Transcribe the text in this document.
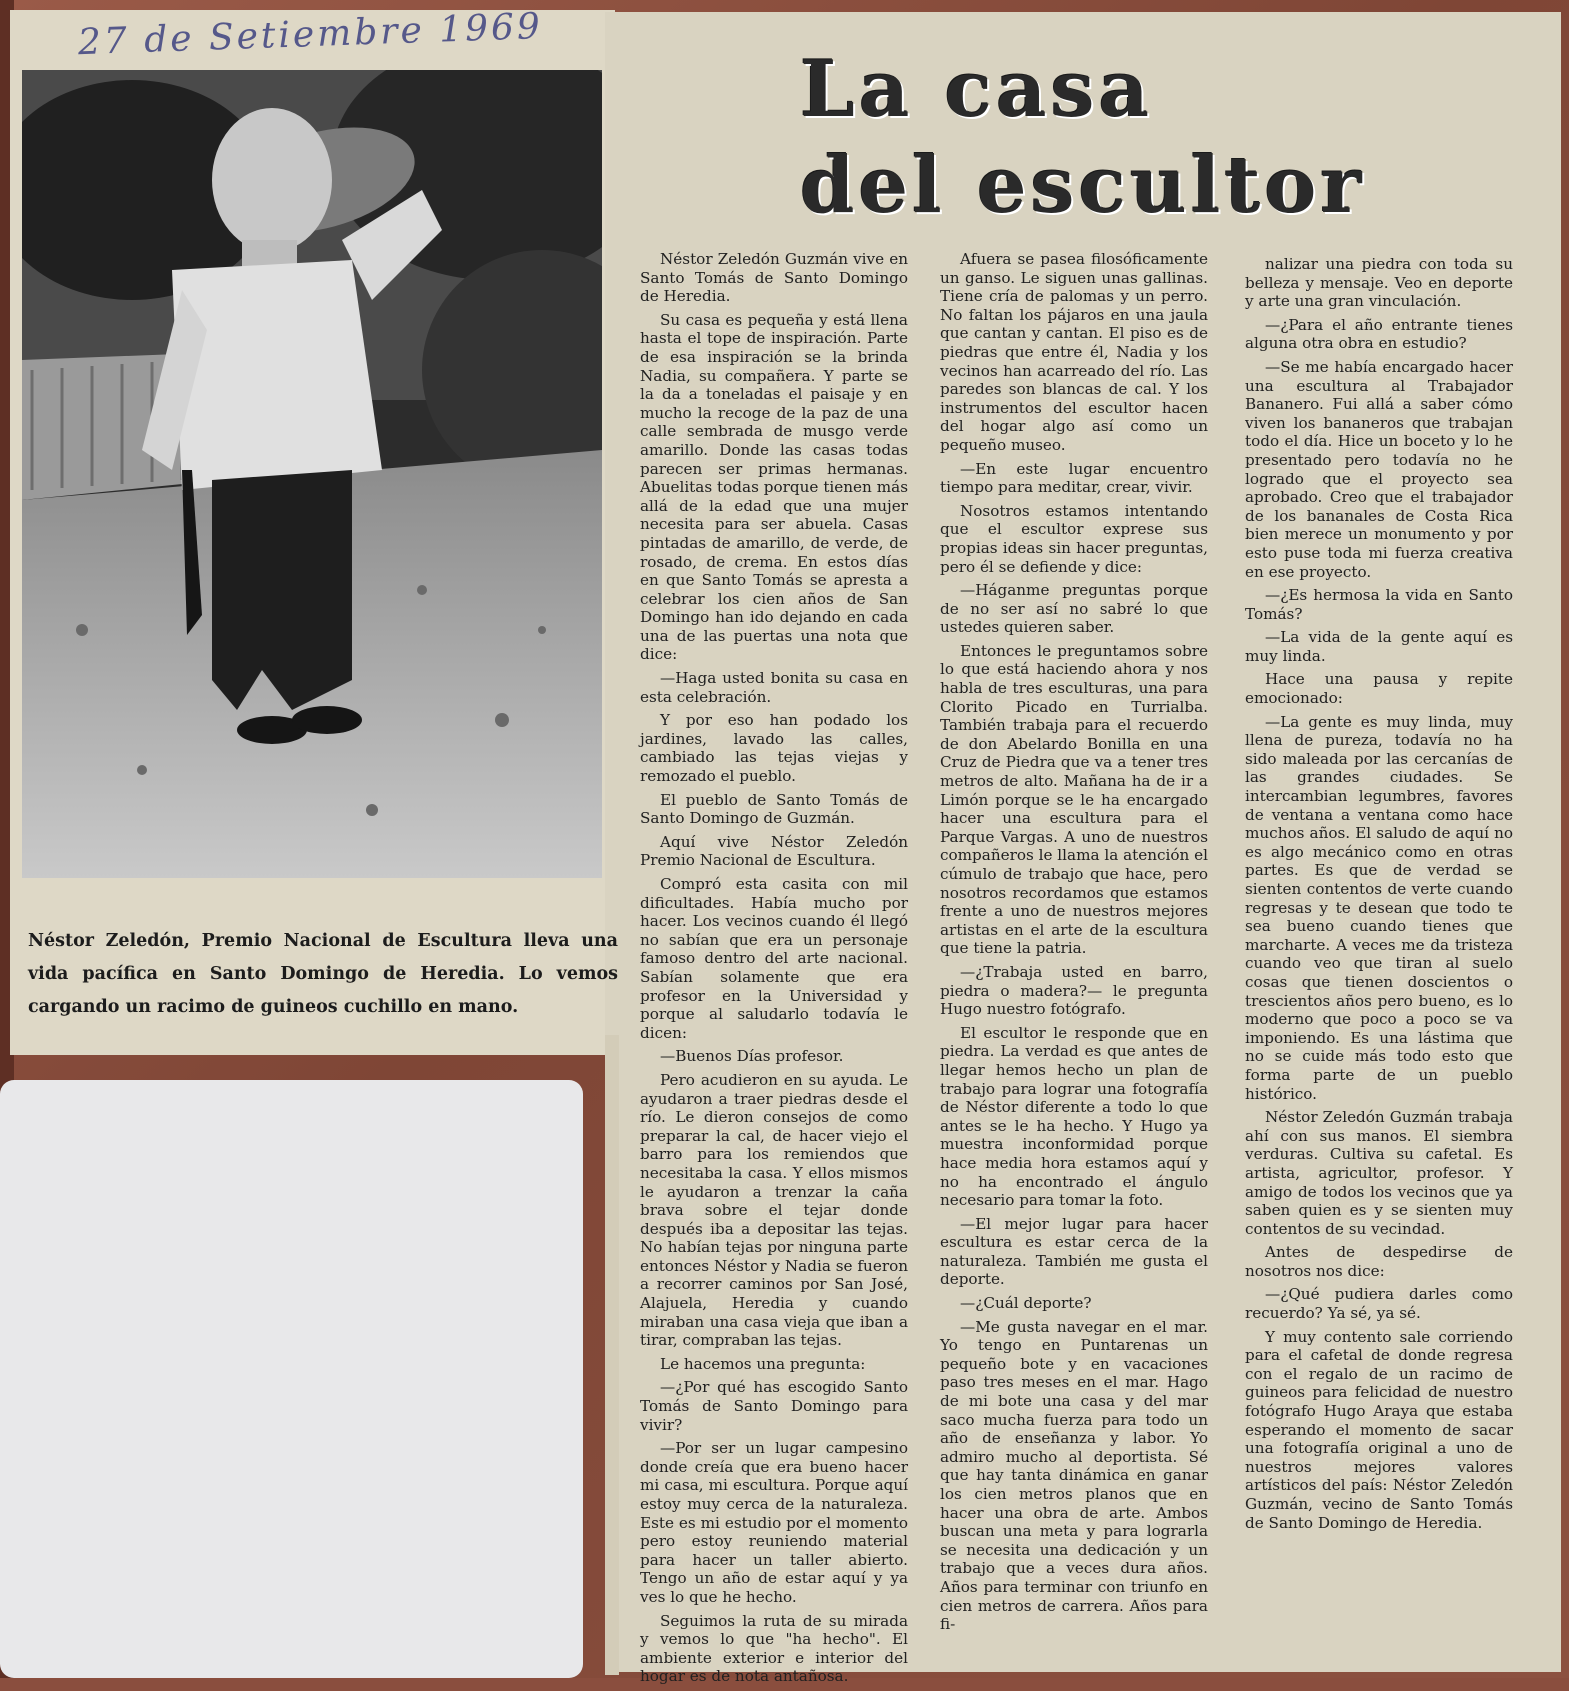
27 de Setiembre 1969
Néstor Zeledón, Premio Nacional de Escultura lleva una vida pacífica en Santo Domingo de Heredia. Lo vemos cargando un racimo de guineos cuchillo en mano.
La casa
del escultor

Néstor Zeledón Guzmán vive en Santo Tomás de Santo Domingo de Heredia.

Su casa es pequeña y está llena hasta el tope de inspiración. Parte de esa inspiración se la brinda Nadia, su compañera. Y parte se la da a toneladas el paisaje y en mucho la recoge de la paz de una calle sembrada de musgo verde amarillo. Donde las casas todas parecen ser primas hermanas. Abuelitas todas porque tienen más allá de la edad que una mujer necesita para ser abuela. Casas pintadas de amarillo, de verde, de rosado, de crema. En estos días en que Santo Tomás se apresta a celebrar los cien años de San Domingo han ido dejando en cada una de las puertas una nota que dice:

—Haga usted bonita su casa en esta celebración.

Y por eso han podado los jardines, lavado las calles, cambiado las tejas viejas y remozado el pueblo.

El pueblo de Santo Tomás de Santo Domingo de Guzmán.

Aquí vive Néstor Zeledón Premio Nacional de Escultura.

Compró esta casita con mil dificultades. Había mucho por hacer. Los vecinos cuando él llegó no sabían que era un personaje famoso dentro del arte nacional. Sabían solamente que era profesor en la Universidad y porque al saludarlo todavía le dicen:

—Buenos Días profesor.

Pero acudieron en su ayuda. Le ayudaron a traer piedras desde el río. Le dieron consejos de como preparar la cal, de hacer viejo el barro para los remiendos que necesitaba la casa. Y ellos mismos le ayudaron a trenzar la caña brava sobre el tejar donde después iba a depositar las tejas. No habían tejas por ninguna parte entonces Néstor y Nadia se fueron a recorrer caminos por San José, Alajuela, Heredia y cuando miraban una casa vieja que iban a tirar, compraban las tejas.

Le hacemos una pregunta:

—¿Por qué has escogido Santo Tomás de Santo Domingo para vivir?

—Por ser un lugar campesino donde creía que era bueno hacer mi casa, mi escultura. Porque aquí estoy muy cerca de la naturaleza. Este es mi estudio por el momento pero estoy reuniendo material para hacer un taller abierto. Tengo un año de estar aquí y ya ves lo que he hecho.

Seguimos la ruta de su mirada y vemos lo que "ha hecho". El ambiente exterior e interior del hogar es de nota antañosa.

Afuera se pasea filosóficamente un ganso. Le siguen unas gallinas. Tiene cría de palomas y un perro. No faltan los pájaros en una jaula que cantan y cantan. El piso es de piedras que entre él, Nadia y los vecinos han acarreado del río. Las paredes son blancas de cal. Y los instrumentos del escultor hacen del hogar algo así como un pequeño museo.

—En este lugar encuentro tiempo para meditar, crear, vivir.

Nosotros estamos intentando que el escultor exprese sus propias ideas sin hacer preguntas, pero él se defiende y dice:

—Háganme preguntas porque de no ser así no sabré lo que ustedes quieren saber.

Entonces le preguntamos sobre lo que está haciendo ahora y nos habla de tres esculturas, una para Clorito Picado en Turrialba. También trabaja para el recuerdo de don Abelardo Bonilla en una Cruz de Piedra que va a tener tres metros de alto. Mañana ha de ir a Limón porque se le ha encargado hacer una escultura para el Parque Vargas. A uno de nuestros compañeros le llama la atención el cúmulo de trabajo que hace, pero nosotros recordamos que estamos frente a uno de nuestros mejores artistas en el arte de la escultura que tiene la patria.

—¿Trabaja usted en barro, piedra o madera?— le pregunta Hugo nuestro fotógrafo.

El escultor le responde que en piedra. La verdad es que antes de llegar hemos hecho un plan de trabajo para lograr una fotografía de Néstor diferente a todo lo que antes se le ha hecho. Y Hugo ya muestra inconformidad porque hace media hora estamos aquí y no ha encontrado el ángulo necesario para tomar la foto.

—El mejor lugar para hacer escultura es estar cerca de la naturaleza. También me gusta el deporte.

—¿Cuál deporte?

—Me gusta navegar en el mar. Yo tengo en Puntarenas un pequeño bote y en vacaciones paso tres meses en el mar. Hago de mi bote una casa y del mar saco mucha fuerza para todo un año de enseñanza y labor. Yo admiro mucho al deportista. Sé que hay tanta dinámica en ganar los cien metros planos que en hacer una obra de arte. Ambos buscan una meta y para lograrla se necesita una dedicación y un trabajo que a veces dura años. Años para terminar con triunfo en cien metros de carrera. Años para fi-

nalizar una piedra con toda su belleza y mensaje. Veo en deporte y arte una gran vinculación.

—¿Para el año entrante tienes alguna otra obra en estudio?

—Se me había encargado hacer una escultura al Trabajador Bananero. Fui allá a saber cómo viven los bananeros que trabajan todo el día. Hice un boceto y lo he presentado pero todavía no he logrado que el proyecto sea aprobado. Creo que el trabajador de los bananales de Costa Rica bien merece un monumento y por esto puse toda mi fuerza creativa en ese proyecto.

—¿Es hermosa la vida en Santo Tomás?

—La vida de la gente aquí es muy linda.

Hace una pausa y repite emocionado:

—La gente es muy linda, muy llena de pureza, todavía no ha sido maleada por las cercanías de las grandes ciudades. Se intercambian legumbres, favores de ventana a ventana como hace muchos años. El saludo de aquí no es algo mecánico como en otras partes. Es que de verdad se sienten contentos de verte cuando regresas y te desean que todo te sea bueno cuando tienes que marcharte. A veces me da tristeza cuando veo que tiran al suelo cosas que tienen doscientos o trescientos años pero bueno, es lo moderno que poco a poco se va imponiendo. Es una lástima que no se cuide más todo esto que forma parte de un pueblo histórico.

Néstor Zeledón Guzmán trabaja ahí con sus manos. El siembra verduras. Cultiva su cafetal. Es artista, agricultor, profesor. Y amigo de todos los vecinos que ya saben quien es y se sienten muy contentos de su vecindad.

Antes de despedirse de nosotros nos dice:

—¿Qué pudiera darles como recuerdo? Ya sé, ya sé.

Y muy contento sale corriendo para el cafetal de donde regresa con el regalo de un racimo de guineos para felicidad de nuestro fotógrafo Hugo Araya que estaba esperando el momento de sacar una fotografía original a uno de nuestros mejores valores artísticos del país: Néstor Zeledón Guzmán, vecino de Santo Tomás de Santo Domingo de Heredia.
